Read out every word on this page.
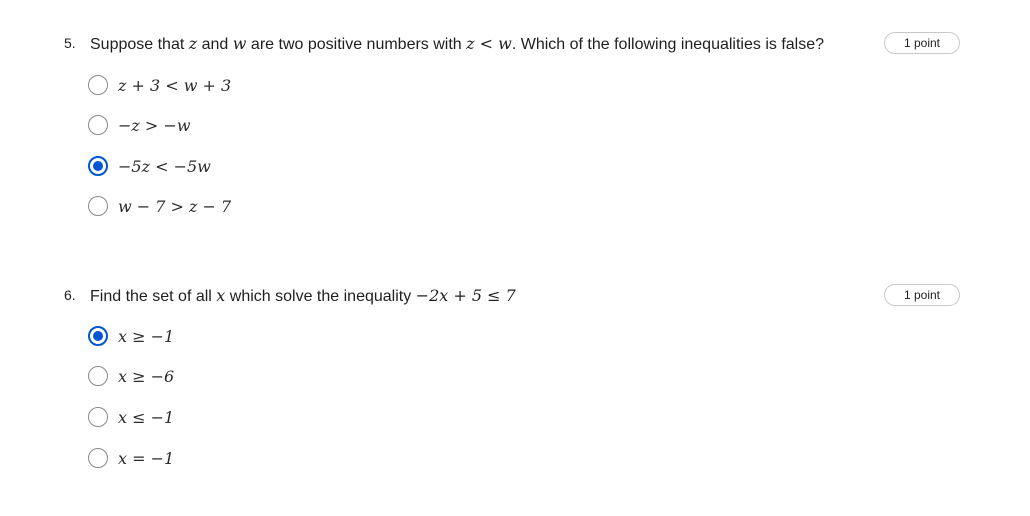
5. Suppose that z and w are two positive numbers with z < w. Which of the following inequalities is false?	1 point
z + 3 < w + 3
−z > −w
−5z < −5w
w − 7 > z − 7
6. Find the set of all x which solve the inequality −2x + 5 ≤ 7	1 point
x ≥ −1
x ≥ −6
x ≤ −1
x = −1
